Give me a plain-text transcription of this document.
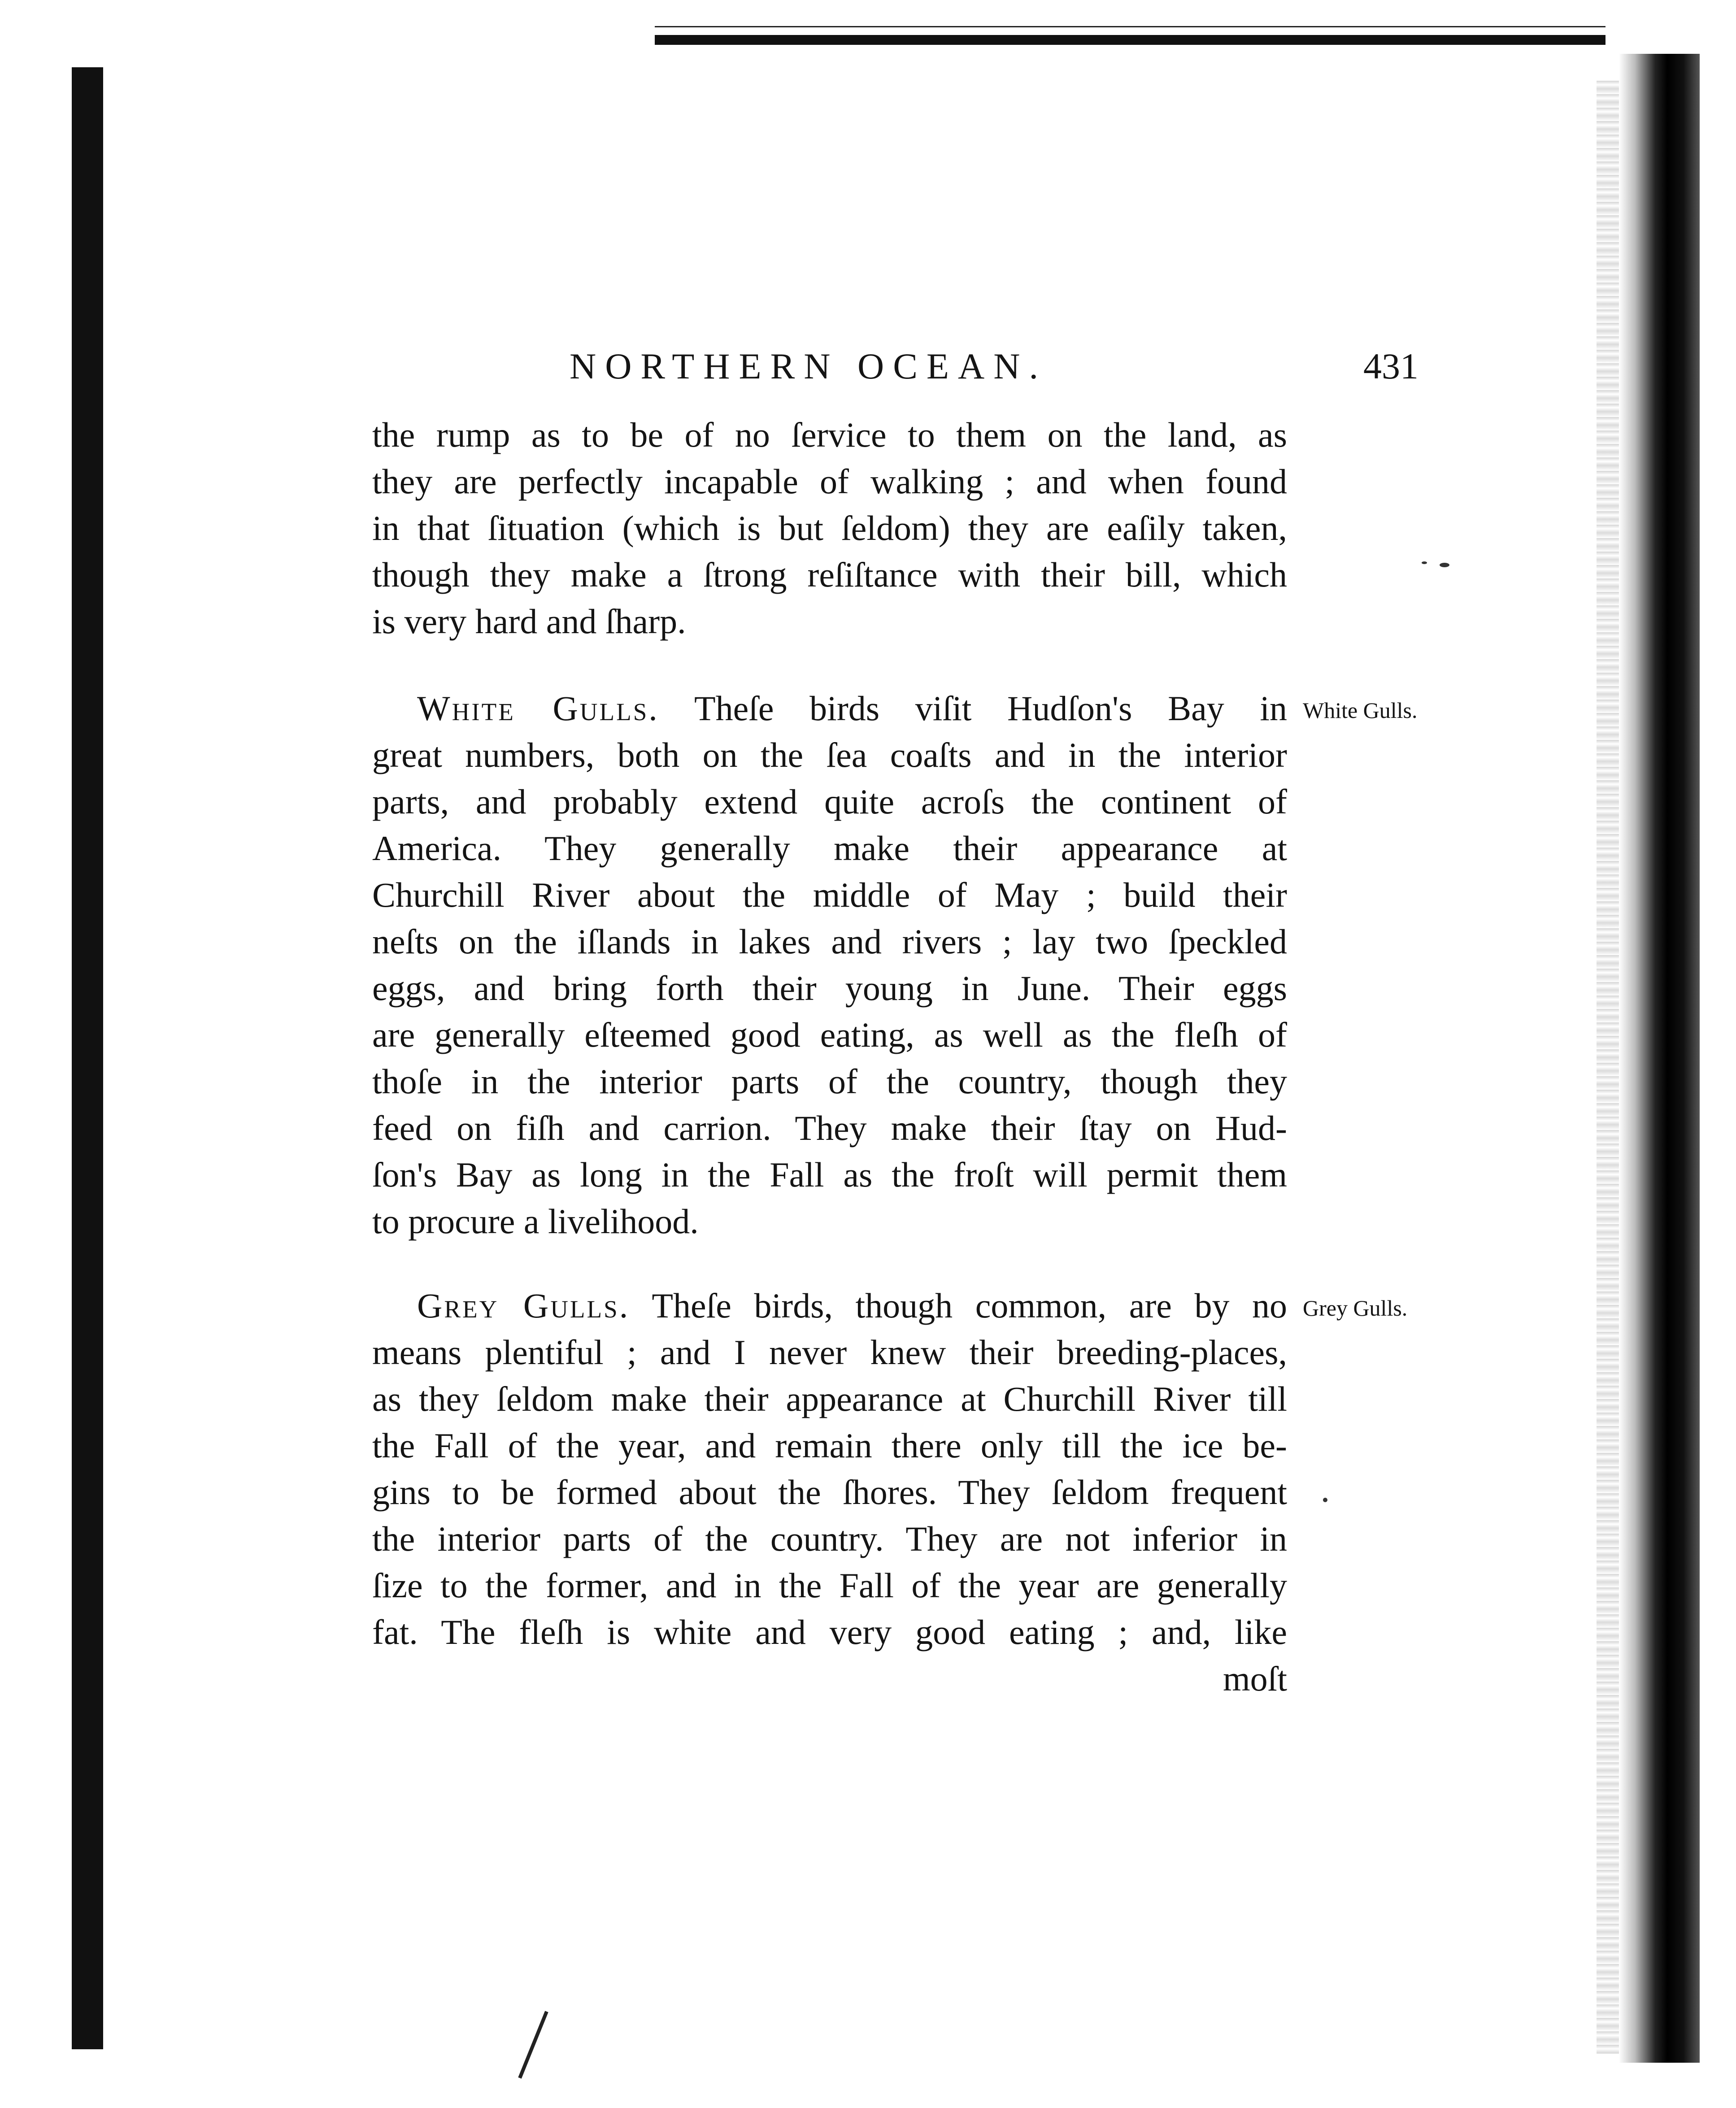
NORTHERN OCEAN.	431
the rump as to be of no ſervice to them on the land, as
they are perfectly incapable of walking ; and when found
in that ſituation (which is but ſeldom) they are eaſily taken,
though they make a ſtrong reſiſtance with their bill, which
is very hard and ſharp.
White Gulls. Theſe birds viſit Hudſon's Bay in
great numbers, both on the ſea coaſts and in the interior
parts, and probably extend quite acroſs the continent of
America. They generally make their appearance at
Churchill River about the middle of May ; build their
neſts on the iſlands in lakes and rivers ; lay two ſpeckled
eggs, and bring forth their young in June. Their eggs
are generally eſteemed good eating, as well as the fleſh of
thoſe in the interior parts of the country, though they
feed on fiſh and carrion. They make their ſtay on Hud-
ſon's Bay as long in the Fall as the froſt will permit them
to procure a livelihood.
White Gulls.
Grey Gulls. Theſe birds, though common, are by no
means plentiful ; and I never knew their breeding-places,
as they ſeldom make their appearance at Churchill River till
the Fall of the year, and remain there only till the ice be-
gins to be formed about the ſhores. They ſeldom frequent
the interior parts of the country. They are not inferior in
ſize to the former, and in the Fall of the year are generally
fat. The fleſh is white and very good eating ; and, like
moſt
Grey Gulls.
